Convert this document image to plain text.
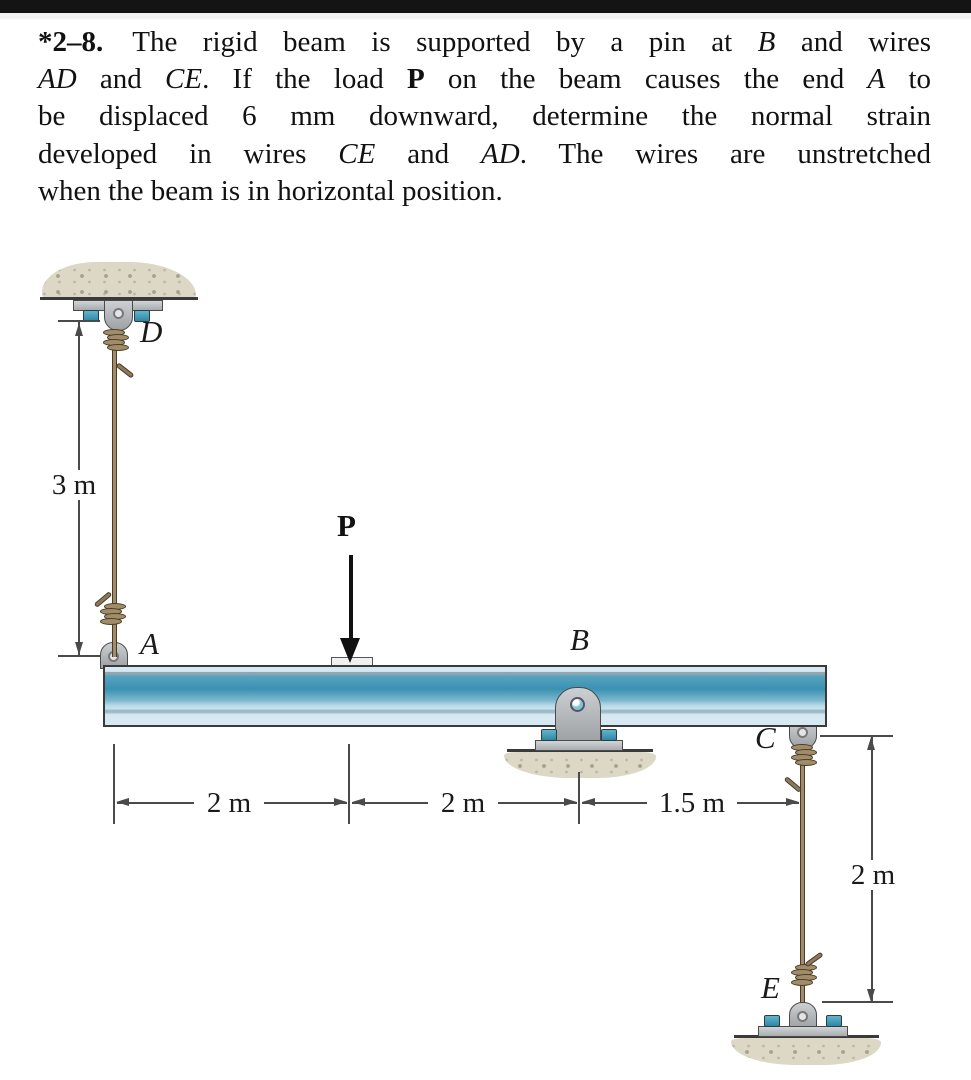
*2–8.  The rigid beam is supported by a pin at B and wires
AD and CE. If the load P on the beam causes the end A to
be displaced 6 mm downward, determine the normal strain
developed in wires CE and AD. The wires are unstretched
when the beam is in horizontal position.
D
A
3 m
P
B
2 m	2 m	1.5 m
C
2 m
E
